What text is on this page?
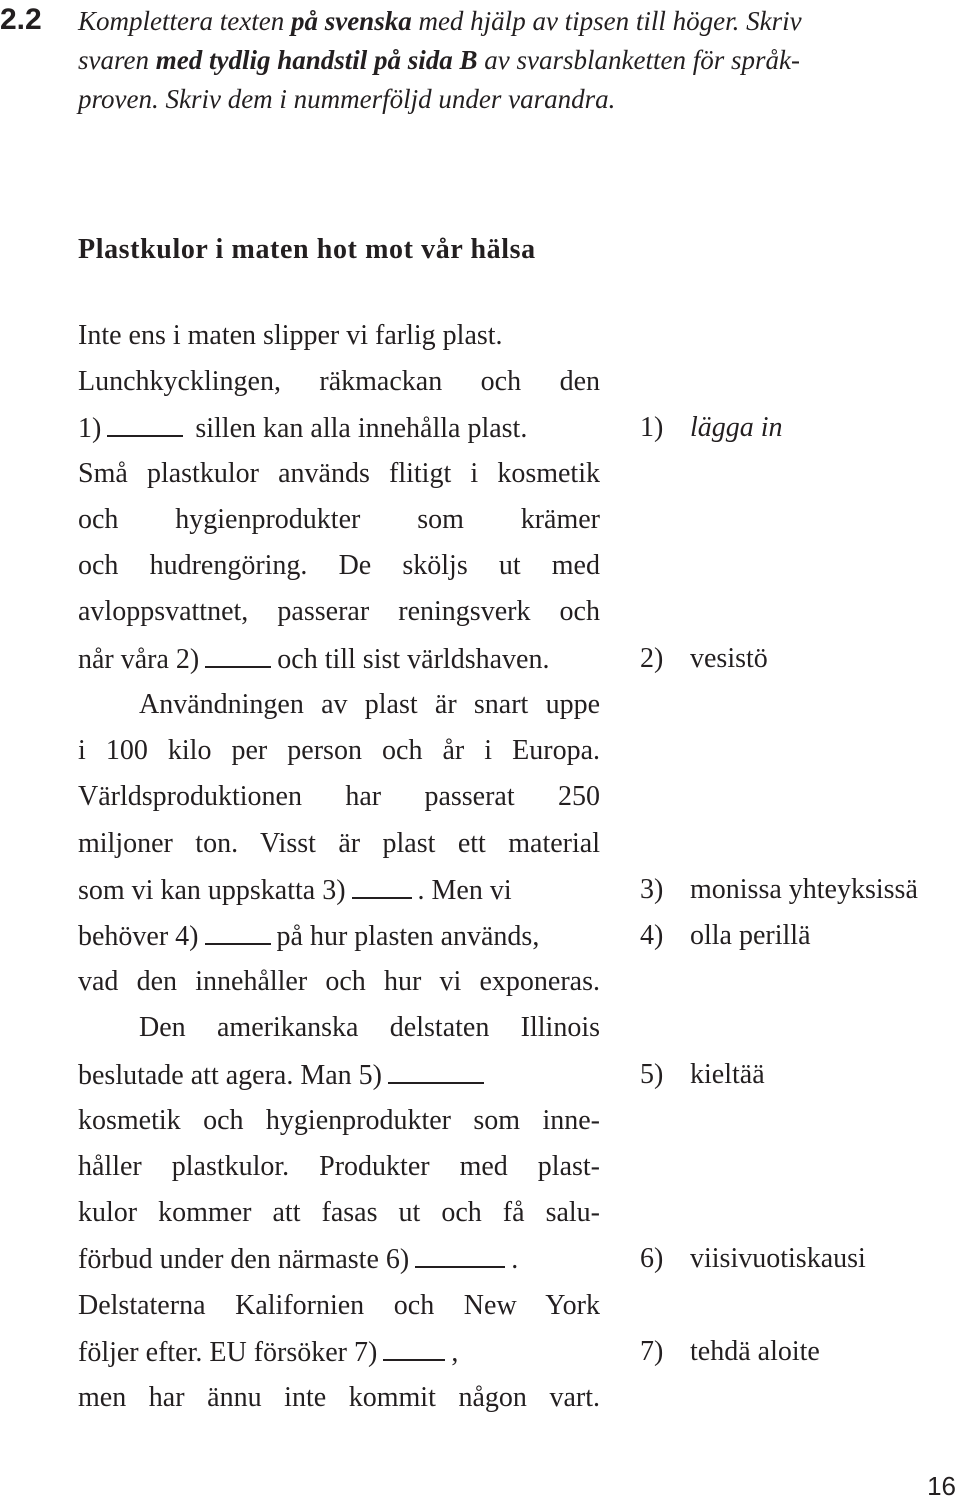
2.2 Komplettera texten på svenska med hjälp av tipsen till höger. Skriv
svaren med tydlig handstil på sida B av svarsblanketten för språk-
proven. Skriv dem i nummerföljd under varandra.
Plastkulor i maten hot mot vår hälsa
Inte ens i maten slipper vi farlig plast.
Lunchkycklingen, räkmackan och den
1)	sillen kan alla innehålla plast.
Små plastkulor används flitigt i kosmetik
och hygienprodukter som krämer
och hudrengöring. De sköljs ut med
avloppsvattnet, passerar reningsverk och
når våra 2)	och till sist världshaven.
Användningen av plast är snart uppe
i 100 kilo per person och år i Europa.
Världsproduktionen har passerat 250
miljoner ton. Visst är plast ett material
som vi kan uppskatta 3)	. Men vi
behöver 4)	på hur plasten används,
vad den innehåller och hur vi exponeras.
Den amerikanska delstaten Illinois
beslutade att agera. Man 5)
kosmetik och hygienprodukter som inne-
håller plastkulor. Produkter med plast-
kulor kommer att fasas ut och få salu-
förbud under den närmaste 6)	.
Delstaterna Kalifornien och New York
följer efter. EU försöker 7)	,
men har ännu inte kommit någon vart.
1) lägga in
2) vesistö
3) monissa yhteyksissä
4) olla perillä
5) kieltää
6) viisivuotiskausi
7) tehdä aloite
16
